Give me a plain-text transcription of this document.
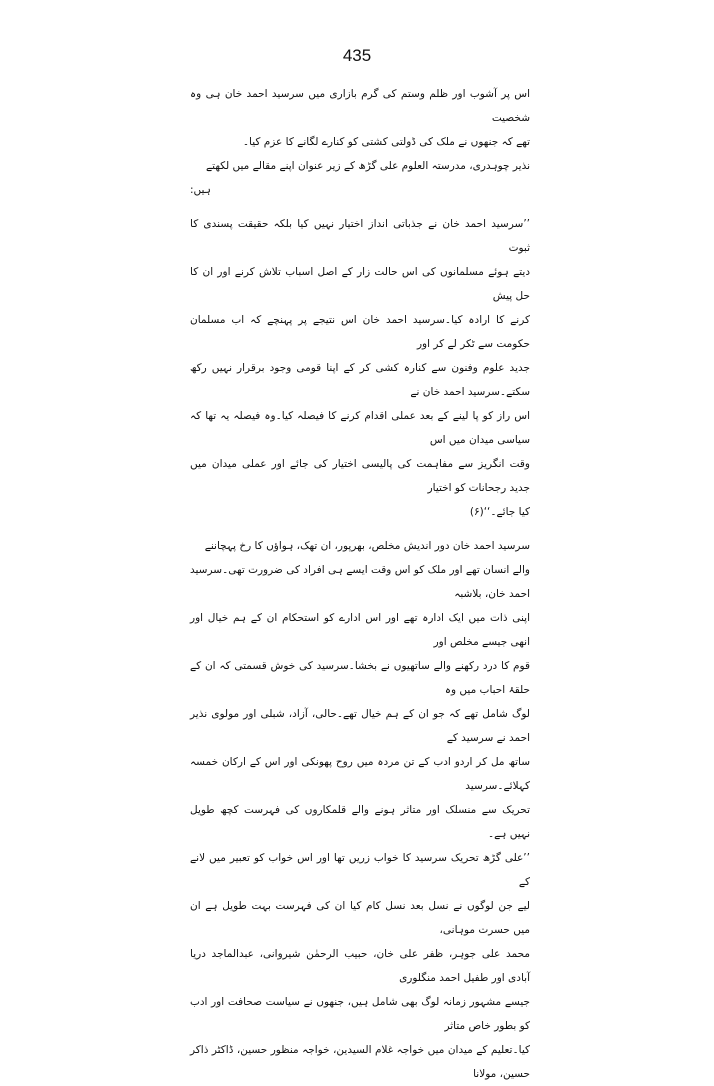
435

اس پر آشوب اور ظلم وستم کی گرم بازاری میں سرسید احمد خان ہی وہ شخصیت
تھے کہ جنھوں نے ملک کی ڈولتی کشتی کو کنارے لگانے کا عزم کیا۔

نذیر چوہدری، مدرستہ العلوم علی گڑھ کے زیر عنوان اپنے مقالے میں لکھتے

ہیں:

’’سرسید احمد خان نے جذباتی انداز اختیار نہیں کیا بلکہ حقیقت پسندی کا ثبوت
دیتے ہوئے مسلمانوں کی اس حالت زار کے اصل اسباب تلاش کرنے اور ان کا حل پیش
کرنے کا ارادہ کیا۔سرسید احمد خان اس نتیجے پر پہنچے کہ اب مسلمان حکومت سے ٹکر لے کر اور
جدید علوم وفنون سے کنارہ کشی کر کے اپنا قومی وجود برقرار نہیں رکھ سکتے۔سرسید احمد خان نے
اس راز کو پا لینے کے بعد عملی اقدام کرنے کا فیصلہ کیا۔وہ فیصلہ یہ تھا کہ سیاسی میدان میں اس
وقت انگریز سے مفاہمت کی پالیسی اختیار کی جائے اور عملی میدان میں جدید رجحانات کو اختیار
کیا جائے۔‘‘(۶)

سرسید احمد خان دور اندیش مخلص، بھرپور، ان تھک، ہواؤں کا رخ پہچاننے
والے انسان تھے اور ملک کو اس وقت ایسے ہی افراد کی ضرورت تھی۔سرسید احمد خان، بلاشبہ
اپنی ذات میں ایک ادارہ تھے اور اس ادارے کو استحکام ان کے ہم خیال اور انھی جیسے مخلص اور
قوم کا درد رکھنے والے ساتھیوں نے بخشا۔سرسید کی خوش قسمتی کہ ان کے حلقۂ احباب میں وہ
لوگ شامل تھے کہ جو ان کے ہم خیال تھے۔حالی، آزاد، شبلی اور مولوی نذیر احمد نے سرسید کے
ساتھ مل کر اردو ادب کے تن مردہ میں روح پھونکی اور اس کے ارکان خمسہ کہلائے۔سرسید
تحریک سے منسلک اور متاثر ہونے والے قلمکاروں کی فہرست کچھ طویل نہیں ہے۔

’’علی گڑھ تحریک سرسید کا خواب زریں تھا اور اس خواب کو تعبیر میں لانے کے
لیے جن لوگوں نے نسل بعد نسل کام کیا ان کی فہرست بہت طویل ہے ان میں حسرت موہانی،
محمد علی جوہر، ظفر علی خان، حبیب الرحمٰن شیروانی، عبدالماجد دریا آبادی اور طفیل احمد منگلوری
جیسے مشہور زمانہ لوگ بھی شامل ہیں، جنھوں نے سیاست صحافت اور ادب کو بطور خاص متاثر
کیا۔تعلیم کے میدان میں خواجہ غلام السیدین، خواجہ منظور حسین، ڈاکٹر ذاکر حسین، مولانا
